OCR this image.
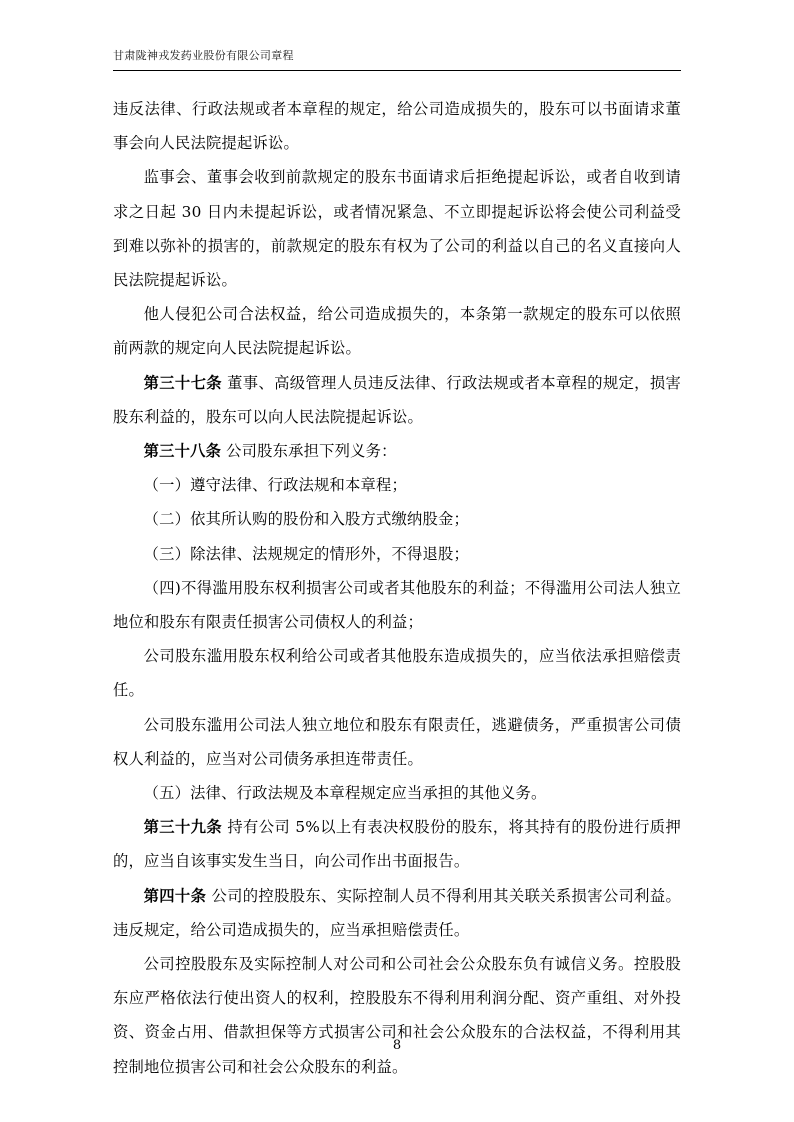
甘肃陇神戎发药业股份有限公司章程

违反法律、行政法规或者本章程的规定，给公司造成损失的，股东可以书面请求董事会向人民法院提起诉讼。

监事会、董事会收到前款规定的股东书面请求后拒绝提起诉讼，或者自收到请求之日起 30 日内未提起诉讼，或者情况紧急、不立即提起诉讼将会使公司利益受到难以弥补的损害的，前款规定的股东有权为了公司的利益以自己的名义直接向人民法院提起诉讼。

他人侵犯公司合法权益，给公司造成损失的，本条第一款规定的股东可以依照前两款的规定向人民法院提起诉讼。

第三十七条 董事、高级管理人员违反法律、行政法规或者本章程的规定，损害股东利益的，股东可以向人民法院提起诉讼。

第三十八条 公司股东承担下列义务：

（一）遵守法律、行政法规和本章程；

（二）依其所认购的股份和入股方式缴纳股金；

（三）除法律、法规规定的情形外，不得退股；

（四)不得滥用股东权利损害公司或者其他股东的利益；不得滥用公司法人独立地位和股东有限责任损害公司债权人的利益；

公司股东滥用股东权利给公司或者其他股东造成损失的，应当依法承担赔偿责任。

公司股东滥用公司法人独立地位和股东有限责任，逃避债务，严重损害公司债权人利益的，应当对公司债务承担连带责任。

（五）法律、行政法规及本章程规定应当承担的其他义务。

第三十九条 持有公司 5%以上有表决权股份的股东，将其持有的股份进行质押的，应当自该事实发生当日，向公司作出书面报告。

第四十条 公司的控股股东、实际控制人员不得利用其关联关系损害公司利益。违反规定，给公司造成损失的，应当承担赔偿责任。

公司控股股东及实际控制人对公司和公司社会公众股东负有诚信义务。控股股东应严格依法行使出资人的权利，控股股东不得利用利润分配、资产重组、对外投资、资金占用、借款担保等方式损害公司和社会公众股东的合法权益，不得利用其控制地位损害公司和社会公众股东的利益。

8
